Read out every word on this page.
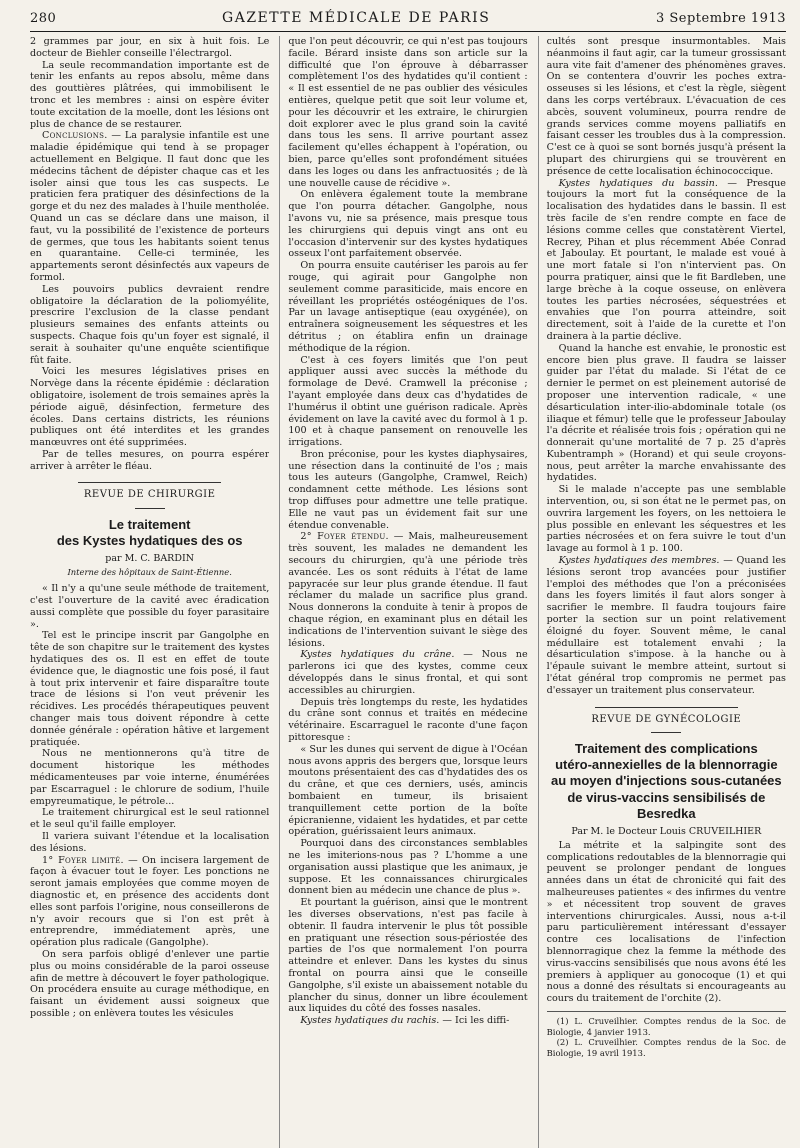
280	GAZETTE MÉDICALE DE PARIS	3 Septembre 1913

2 grammes par jour, en six à huit fois. Le docteur de Biehler conseille l'électrargol.

La seule recommandation importante est de tenir les enfants au repos absolu, même dans des gouttières plâtrées, qui immobilisent le tronc et les membres : ainsi on espère éviter toute excitation de la moelle, dont les lésions ont plus de chance de se restaurer.

Conclusions. — La paralysie infantile est une maladie épidémique qui tend à se propager actuellement en Belgique. Il faut donc que les médecins tâchent de dépister chaque cas et les isoler ainsi que tous les cas suspects. Le praticien fera pratiquer des désinfections de la gorge et du nez des malades à l'huile mentholée. Quand un cas se déclare dans une maison, il faut, vu la possibilité de l'existence de porteurs de germes, que tous les habitants soient tenus en quarantaine. Celle-ci terminée, les appartements seront désinfectés aux vapeurs de formol.

Les pouvoirs publics devraient rendre obligatoire la déclaration de la poliomyélite, prescrire l'exclusion de la classe pendant plusieurs semaines des enfants atteints ou suspects. Chaque fois qu'un foyer est signalé, il serait à souhaiter qu'une enquête scientifique fût faite.

Voici les mesures législatives prises en Norvège dans la récente épidémie : déclaration obligatoire, isolement de trois semaines après la période aiguë, désinfection, fermeture des écoles. Dans certains districts, les réunions publiques ont été interdites et les grandes manœuvres ont été supprimées.

Par de telles mesures, on pourra espérer arriver à arrêter le fléau.

REVUE DE CHIRURGIE
Le traitement
des Kystes hydatiques des os
par M. C. BARDIN
Interne des hôpitaux de Saint-Étienne.

« Il n'y a qu'une seule méthode de traitement, c'est l'ouverture de la cavité avec éradication aussi complète que possible du foyer parasitaire ».

Tel est le principe inscrit par Gangolphe en tête de son chapitre sur le traitement des kystes hydatiques des os. Il est en effet de toute évidence que, le diagnostic une fois posé, il faut à tout prix intervenir et faire disparaître toute trace de lésions si l'on veut prévenir les récidives. Les procédés thérapeutiques peuvent changer mais tous doivent répondre à cette donnée générale : opération hâtive et largement pratiquée.

Nous ne mentionnerons qu'à titre de document historique les méthodes médicamenteuses par voie interne, énumérées par Escarraguel : le chlorure de sodium, l'huile empyreumatique, le pétrole...

Le traitement chirurgical est le seul rationnel et le seul qu'il faille employer.

Il variera suivant l'étendue et la localisation des lésions.

1° Foyer limité. — On incisera largement de façon à évacuer tout le foyer. Les ponctions ne seront jamais employées que comme moyen de diagnostic et, en présence des accidents dont elles sont parfois l'origine, nous conseillerons de n'y avoir recours que si l'on est prêt à entreprendre, immédiatement après, une opération plus radicale (Gangolphe).

On sera parfois obligé d'enlever une partie plus ou moins considérable de la paroi osseuse afin de mettre à découvert le foyer pathologique. On procédera ensuite au curage méthodique, en faisant un évidement aussi soigneux que possible ; on enlèvera toutes les vésicules

que l'on peut découvrir, ce qui n'est pas toujours facile. Bérard insiste dans son article sur la difficulté que l'on éprouve à débarrasser complètement l'os des hydatides qu'il contient : « Il est essentiel de ne pas oublier des vésicules entières, quelque petit que soit leur volume et, pour les découvrir et les extraire, le chirurgien doit explorer avec le plus grand soin la cavité dans tous les sens. Il arrive pourtant assez facilement qu'elles échappent à l'opération, ou bien, parce qu'elles sont profondément situées dans les loges ou dans les anfractuosités ; de là une nouvelle cause de récidive ».

On enlèvera également toute la membrane que l'on pourra détacher. Gangolphe, nous l'avons vu, nie sa présence, mais presque tous les chirurgiens qui depuis vingt ans ont eu l'occasion d'intervenir sur des kystes hydatiques osseux l'ont parfaitement observée.

On pourra ensuite cautériser les parois au fer rouge, qui agirait pour Gangolphe non seulement comme parasiticide, mais encore en réveillant les propriétés ostéogéniques de l'os. Par un lavage antiseptique (eau oxygénée), on entraînera soigneusement les séquestres et les détritus ; on établira enfin un drainage méthodique de la région.

C'est à ces foyers limités que l'on peut appliquer aussi avec succès la méthode du formolage de Devé. Cramwell la préconise ; l'ayant employée dans deux cas d'hydatides de l'humérus il obtint une guérison radicale. Après évidement on lave la cavité avec du formol à 1 p. 100 et à chaque pansement on renouvelle les irrigations.

Bron préconise, pour les kystes diaphysaires, une résection dans la continuité de l'os ; mais tous les auteurs (Gangolphe, Cramwel, Reich) condamnent cette méthode. Les lésions sont trop diffuses pour admettre une telle pratique. Elle ne vaut pas un évidement fait sur une étendue convenable.

2° Foyer étendu. — Mais, malheureusement très souvent, les malades ne demandent les secours du chirurgien, qu'à une période très avancée. Les os sont réduits à l'état de lame papyracée sur leur plus grande étendue. Il faut réclamer du malade un sacrifice plus grand. Nous donnerons la conduite à tenir à propos de chaque région, en examinant plus en détail les indications de l'intervention suivant le siège des lésions.

Kystes hydatiques du crâne. — Nous ne parlerons ici que des kystes, comme ceux développés dans le sinus frontal, et qui sont accessibles au chirurgien.

Depuis très longtemps du reste, les hydatides du crâne sont connus et traités en médecine vétérinaire. Escarraguel le raconte d'une façon pittoresque :

« Sur les dunes qui servent de digue à l'Océan nous avons appris des bergers que, lorsque leurs moutons présentaient des cas d'hydatides des os du crâne, et que ces derniers, usés, amincis bombaient en tumeur, ils brisaient tranquillement cette portion de la boîte épicranienne, vidaient les hydatides, et par cette opération, guérissaient leurs animaux.

Pourquoi dans des circonstances semblables ne les imiterions-nous pas ? L'homme a une organisation aussi plastique que les animaux, je suppose. Et les connaissances chirurgicales donnent bien au médecin une chance de plus ».

Et pourtant la guérison, ainsi que le montrent les diverses observations, n'est pas facile à obtenir. Il faudra intervenir le plus tôt possible en pratiquant une résection sous-périostée des parties de l'os que normalement l'on pourra atteindre et enlever. Dans les kystes du sinus frontal on pourra ainsi que le conseille Gangolphe, s'il existe un abaissement notable du plancher du sinus, donner un libre écoulement aux liquides du côté des fosses nasales.

Kystes hydatiques du rachis. — Ici les diffi-

cultés sont presque insurmontables. Mais néanmoins il faut agir, car la tumeur grossissant aura vite fait d'amener des phénomènes graves. On se contentera d'ouvrir les poches extra-osseuses si les lésions, et c'est la règle, siègent dans les corps vertébraux. L'évacuation de ces abcès, souvent volumineux, pourra rendre de grands services comme moyens palliatifs en faisant cesser les troubles dus à la compression. C'est ce à quoi se sont bornés jusqu'à présent la plupart des chirurgiens qui se trouvèrent en présence de cette localisation échinococcique.

Kystes hydatiques du bassin. — Presque toujours la mort fut la conséquence de la localisation des hydatides dans le bassin. Il est très facile de s'en rendre compte en face de lésions comme celles que constatèrent Viertel, Recrey, Pihan et plus récemment Abée Conrad et Jaboulay. Et pourtant, le malade est voué à une mort fatale si l'on n'intervient pas. On pourra pratiquer, ainsi que le fit Bardleben, une large brèche à la coque osseuse, on enlèvera toutes les parties nécrosées, séquestrées et envahies que l'on pourra atteindre, soit directement, soit à l'aide de la curette et l'on drainera à la partie déclive.

Quand la hanche est envahie, le pronostic est encore bien plus grave. Il faudra se laisser guider par l'état du malade. Si l'état de ce dernier le permet on est pleinement autorisé de proposer une intervention radicale, « une désarticulation inter-ilio-abdominale totale (os iliaque et fémur) telle que le professeur Jaboulay l'a décrite et réalisée trois fois ; opération qui ne donnerait qu'une mortalité de 7 p. 25 d'après Kubentramph » (Horand) et qui seule croyons-nous, peut arrêter la marche envahissante des hydatides.

Si le malade n'accepte pas une semblable intervention, ou, si son état ne le permet pas, on ouvrira largement les foyers, on les nettoiera le plus possible en enlevant les séquestres et les parties nécrosées et on fera suivre le tout d'un lavage au formol à 1 p. 100.

Kystes hydatiques des membres. — Quand les lésions seront trop avancées pour justifier l'emploi des méthodes que l'on a préconisées dans les foyers limités il faut alors songer à sacrifier le membre. Il faudra toujours faire porter la section sur un point relativement éloigné du foyer. Souvent même, le canal médullaire est totalement envahi ; la désarticulation s'impose. à la hanche ou à l'épaule suivant le membre atteint, surtout si l'état général trop compromis ne permet pas d'essayer un traitement plus conservateur.

REVUE DE GYNÉCOLOGIE
Traitement des complications
utéro-annexielles de la blennorragie
au moyen d'injections sous-cutanées
de virus-vaccins sensibilisés de Besredka
Par M. le Docteur Louis CRUVEILHIER

La métrite et la salpingite sont des complications redoutables de la blennorragie qui peuvent se prolonger pendant de longues années dans un état de chronicité qui fait des malheureuses patientes « des infirmes du ventre » et nécessitent trop souvent de graves interventions chirurgicales. Aussi, nous a-t-il paru particulièrement intéressant d'essayer contre ces localisations de l'infection blennorragique chez la femme la méthode des virus-vaccins sensibilisés que nous avons été les premiers à appliquer au gonocoque (1) et qui nous a donné des résultats si encourageants au cours du traitement de l'orchite (2).

(1) L. Cruveilhier. Comptes rendus de la Soc. de Biologie, 4 janvier 1913.

(2) L. Cruveilhier. Comptes rendus de la Soc. de Biologie, 19 avril 1913.
